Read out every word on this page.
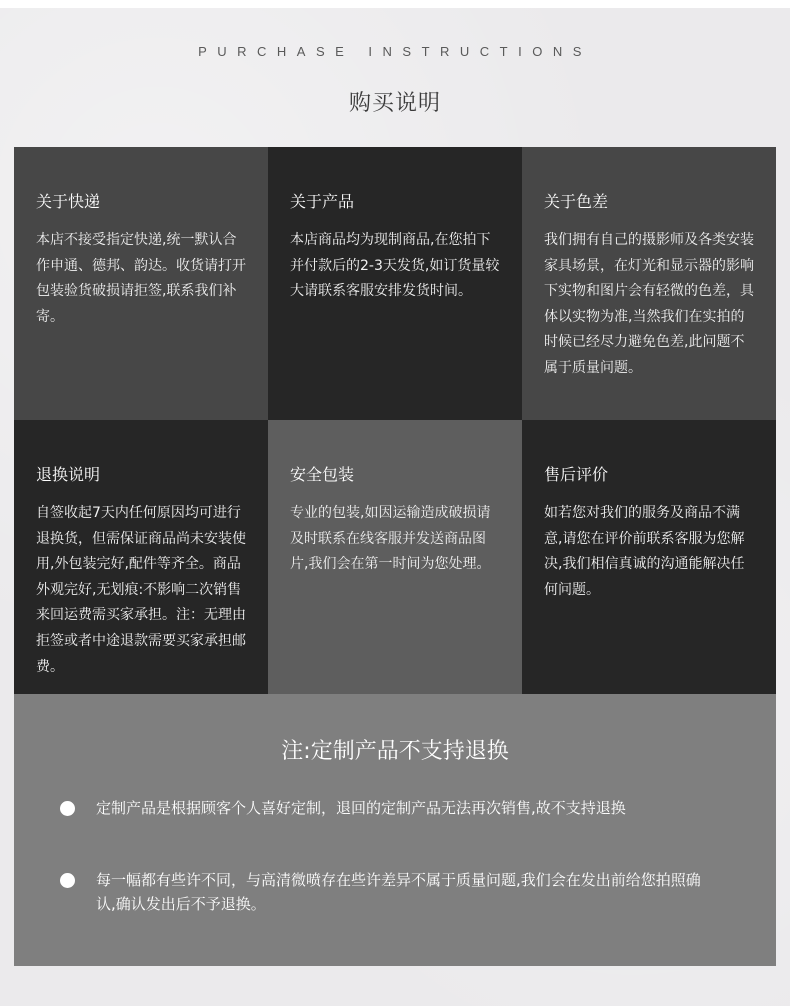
PURCHASE INSTRUCTIONS
购买说明
关于快递
本店不接受指定快递,统一默认合作申通、德邦、韵达。收货请打开包装验货破损请拒签,联系我们补寄。
关于产品
本店商品均为现制商品,在您拍下并付款后的2-3天发货,如订货量较大请联系客服安排发货时间。
关于色差
我们拥有自己的摄影师及各类安装家具场景，在灯光和显示器的影响下实物和图片会有轻微的色差，具体以实物为准,当然我们在实拍的时候已经尽力避免色差,此问题不属于质量问题。
退换说明
自签收起7天内任何原因均可进行退换货，但需保证商品尚未安装使用,外包装完好,配件等齐全。商品外观完好,无划痕:不影响二次销售来回运费需买家承担。注：无理由拒签或者中途退款需要买家承担邮费。
安全包装
专业的包装,如因运输造成破损请及时联系在线客服并发送商品图片,我们会在第一时间为您处理。
售后评价
如若您对我们的服务及商品不满意,请您在评价前联系客服为您解决,我们相信真诚的沟通能解决任何问题。
注:定制产品不支持退换
定制产品是根据顾客个人喜好定制，退回的定制产品无法再次销售,故不支持退换
每一幅都有些许不同，与高清微喷存在些许差异不属于质量问题,我们会在发出前给您拍照确认,确认发出后不予退换。
